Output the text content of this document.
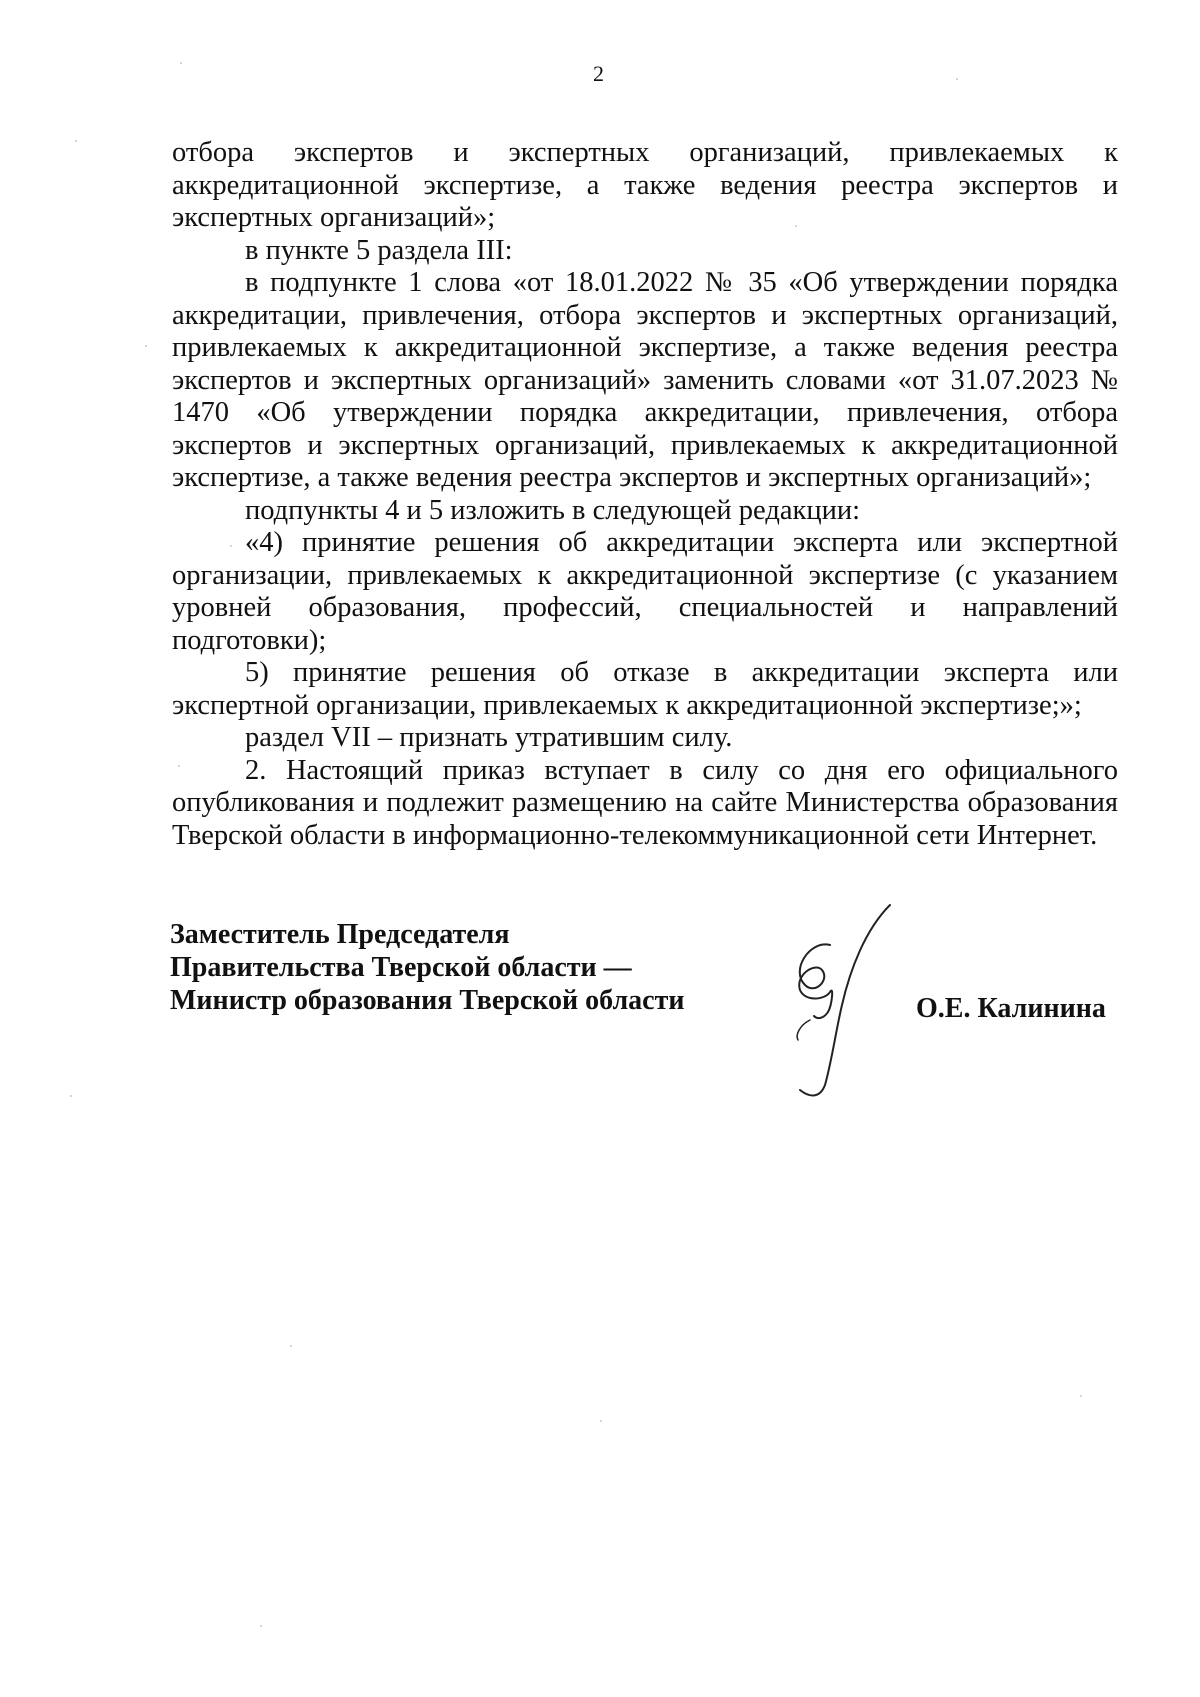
2

отбора экспертов и экспертных организаций, привлекаемых к аккредитационной экспертизе, а также ведения реестра экспертов и экспертных организаций»;

в пункте 5 раздела III:

в подпункте 1 слова «от 18.01.2022 № 35 «Об утверждении порядка аккредитации, привлечения, отбора экспертов и экспертных организаций, привлекаемых к аккредитационной экспертизе, а также ведения реестра экспертов и экспертных организаций» заменить словами «от 31.07.2023 № 1470 «Об утверждении порядка аккредитации, привлечения, отбора экспертов и экспертных организаций, привлекаемых к аккредитационной экспертизе, а также ведения реестра экспертов и экспертных организаций»;

подпункты 4 и 5 изложить в следующей редакции:

«4) принятие решения об аккредитации эксперта или экспертной организации, привлекаемых к аккредитационной экспертизе (с указанием уровней образования, профессий, специальностей и направлений подготовки);

5) принятие решения об отказе в аккредитации эксперта или экспертной организации, привлекаемых к аккредитационной экспертизе;»;

раздел VII – признать утратившим силу.

2. Настоящий приказ вступает в силу со дня его официального опубликования и подлежит размещению на сайте Министерства образования Тверской области в информационно-телекоммуникационной сети Интернет.

Заместитель Председателя
Правительства Тверской области —
Министр образования Тверской области	О.Е. Калинина
